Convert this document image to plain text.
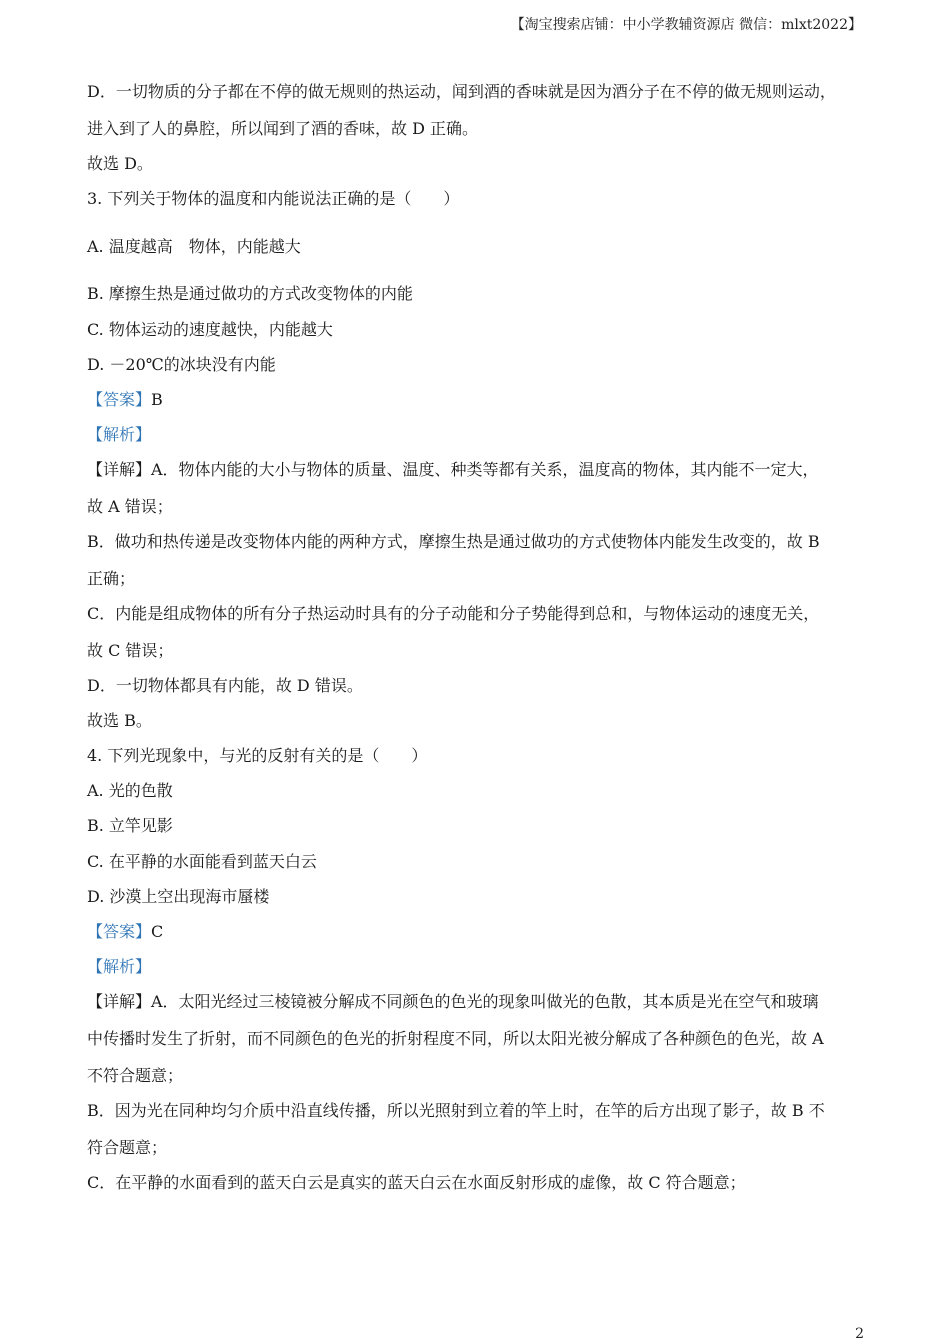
【淘宝搜索店铺：中小学教辅资源店 微信：mlxt2022】
D．一切物质的分子都在不停的做无规则的热运动，闻到酒的香味就是因为酒分子在不停的做无规则运动，
进入到了人的鼻腔，所以闻到了酒的香味，故 D 正确。
故选 D。
3. 下列关于物体的温度和内能说法正确的是（　　）
A. 温度越高　物体，内能越大
B. 摩擦生热是通过做功的方式改变物体的内能
C. 物体运动的速度越快，内能越大
D. －20℃的冰块没有内能
【答案】B
【解析】
【详解】A．物体内能的大小与物体的质量、温度、种类等都有关系，温度高的物体，其内能不一定大，
故 A 错误；
B．做功和热传递是改变物体内能的两种方式，摩擦生热是通过做功的方式使物体内能发生改变的，故 B
正确；
C．内能是组成物体的所有分子热运动时具有的分子动能和分子势能得到总和，与物体运动的速度无关，
故 C 错误；
D．一切物体都具有内能，故 D 错误。
故选 B。
4. 下列光现象中，与光的反射有关的是（　　）
A. 光的色散
B. 立竿见影
C. 在平静的水面能看到蓝天白云
D. 沙漠上空出现海市蜃楼
【答案】C
【解析】
【详解】A．太阳光经过三棱镜被分解成不同颜色的色光的现象叫做光的色散，其本质是光在空气和玻璃
中传播时发生了折射，而不同颜色的色光的折射程度不同，所以太阳光被分解成了各种颜色的色光，故 A
不符合题意；
B．因为光在同种均匀介质中沿直线传播，所以光照射到立着的竿上时，在竿的后方出现了影子，故 B 不
符合题意；
C．在平静的水面看到的蓝天白云是真实的蓝天白云在水面反射形成的虚像，故 C 符合题意；
2
